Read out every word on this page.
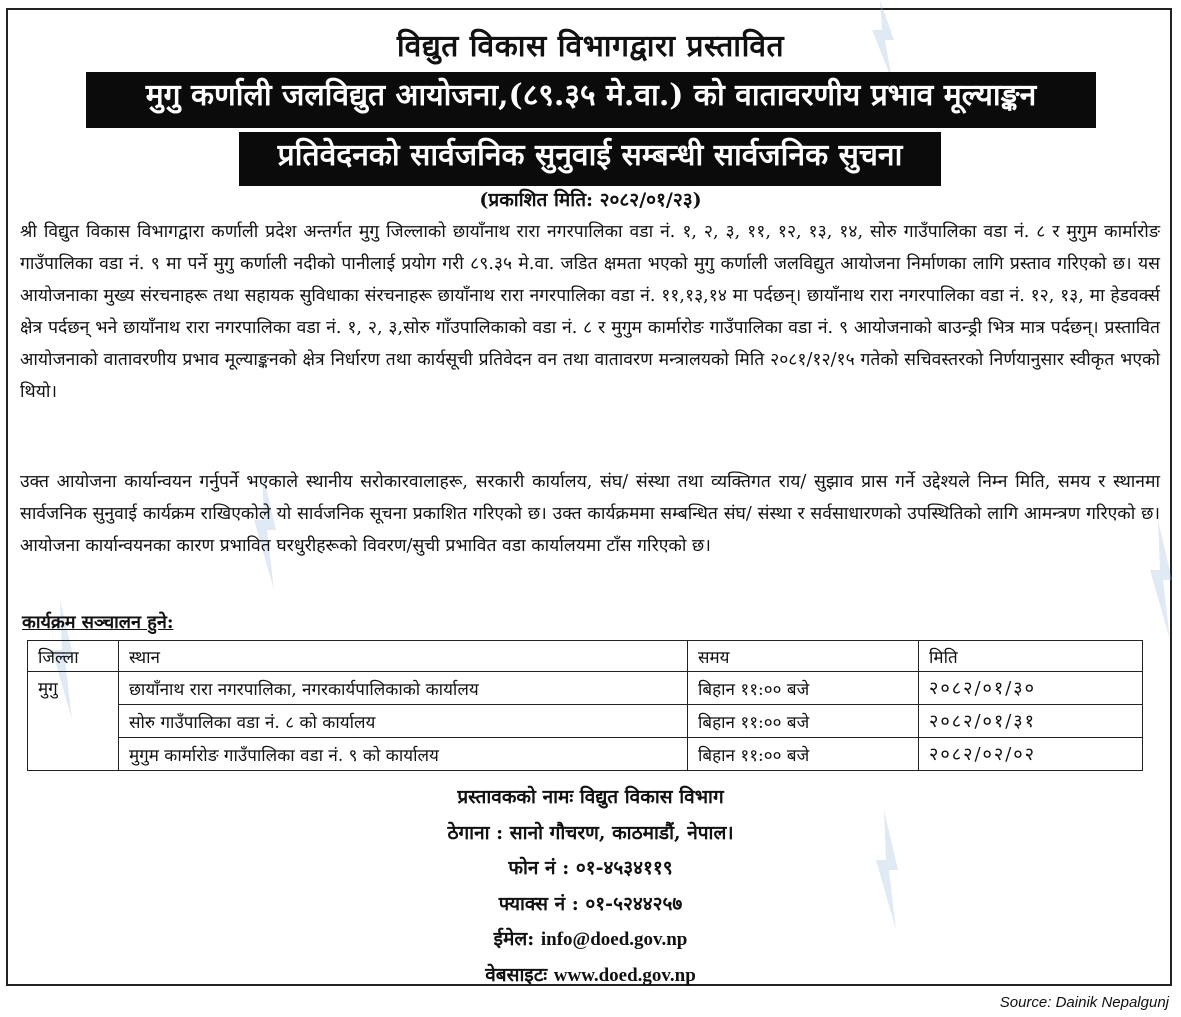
विद्युत विकास विभागद्वारा प्रस्तावित
मुगु कर्णाली जलविद्युत आयोजना,(८९.३५ मे.वा.) को वातावरणीय प्रभाव मूल्याङ्कन
प्रतिवेदनको सार्वजनिक सुनुवाई सम्बन्धी सार्वजनिक सुचना
(प्रकाशित मिति: २०८२/०१/२३)

श्री विद्युत विकास विभागद्वारा कर्णाली प्रदेश अन्तर्गत मुगु जिल्लाको छायाँनाथ रारा नगरपालिका वडा नं. १, २, ३, ११, १२, १३, १४, सोरु गाउँपालिका वडा नं. ८ र मुगुम कार्मारोङ गाउँपालिका वडा नं. ९ मा पर्ने मुगु कर्णाली नदीको पानीलाई प्रयोग गरी ८९.३५ मे.वा. जडित क्षमता भएको मुगु कर्णाली जलविद्युत आयोजना निर्माणका लागि प्रस्ताव गरिएको छ। यस आयोजनाका मुख्य संरचनाहरू तथा सहायक सुविधाका संरचनाहरू छायाँनाथ रारा नगरपालिका वडा नं. ११,१३,१४ मा पर्दछन्। छायाँनाथ रारा नगरपालिका वडा नं. १२, १३, मा हेडवर्क्स क्षेत्र पर्दछन् भने छायाँनाथ रारा नगरपालिका वडा नं. १, २, ३,सोरु गाँउपालिकाको वडा नं. ८ र मुगुम कार्मारोङ गाउँपालिका वडा नं. ९ आयोजनाको बाउन्ड्री भित्र मात्र पर्दछन्। प्रस्तावित आयोजनाको वातावरणीय प्रभाव मूल्याङ्कनको क्षेत्र निर्धारण तथा कार्यसूची प्रतिवेदन वन तथा वातावरण मन्त्रालयको मिति २०८१/१२/१५ गतेको सचिवस्तरको निर्णयानुसार स्वीकृत भएको थियो।

उक्त आयोजना कार्यान्वयन गर्नुपर्ने भएकाले स्थानीय सरोकारवालाहरू, सरकारी कार्यालय, संघ/ संस्था तथा व्यक्तिगत राय/ सुझाव प्रास गर्ने उद्देश्यले निम्न मिति, समय र स्थानमा सार्वजनिक सुनुवाई कार्यक्रम राखिएकोले यो सार्वजनिक सूचना प्रकाशित गरिएको छ। उक्त कार्यक्रममा सम्बन्धित संघ/ संस्था र सर्वसाधारणको उपस्थितिको लागि आमन्त्रण गरिएको छ। आयोजना कार्यान्वयनका कारण प्रभावित घरधुरीहरूको विवरण/सुची प्रभावित वडा कार्यालयमा टाँस गरिएको छ।

कार्यक्रम सञ्चालन हुने:
जिल्ला	स्थान	समय	मिति
मुगु	छायाँनाथ रारा नगरपालिका, नगरकार्यपालिकाको कार्यालय	बिहान ११:०० बजे	२०८२/०१/३०
	सोरु गाउँपालिका वडा नं. ८ को कार्यालय	बिहान ११:०० बजे	२०८२/०१/३१
	मुगुम कार्मारोङ गाउँपालिका वडा नं. ९ को कार्यालय	बिहान ११:०० बजे	२०८२/०२/०२
प्रस्तावकको नामः विद्युत विकास विभाग
ठेगाना : सानो गौचरण, काठमाडौं, नेपाल।
फोन नं : ०१-४५३४११९
फ्याक्स नं : ०१-५२४४२५७
ईमेल: info@doed.gov.np
वेबसाइटः www.doed.gov.np
Source: Dainik Nepalgunj
